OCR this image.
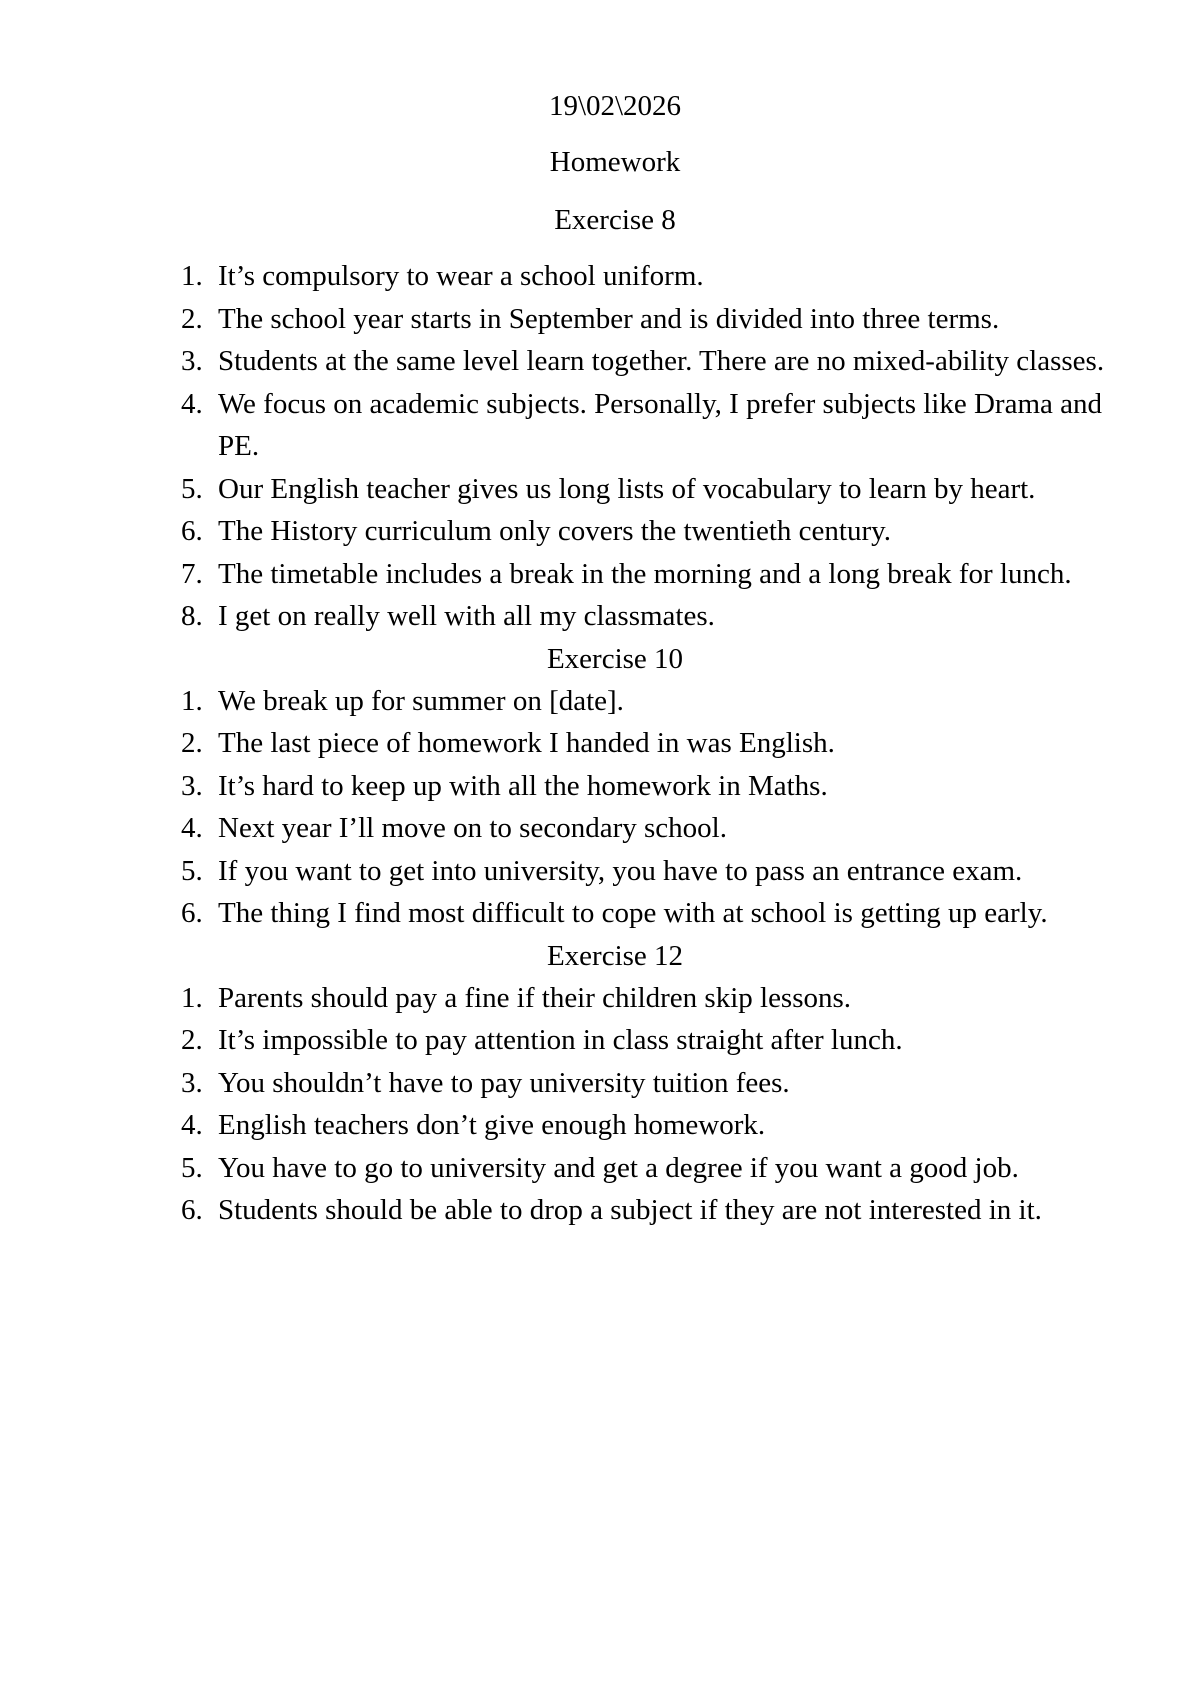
19\02\2026

Homework

Exercise 8

1. It’s compulsory to wear a school uniform.
2. The school year starts in September and is divided into three terms.
3. Students at the same level learn together. There are no mixed-ability classes.
4. We focus on academic subjects. Personally, I prefer subjects like Drama and PE.
5. Our English teacher gives us long lists of vocabulary to learn by heart.
6. The History curriculum only covers the twentieth century.
7. The timetable includes a break in the morning and a long break for lunch.
8. I get on really well with all my classmates.

Exercise 10

1. We break up for summer on [date].
2. The last piece of homework I handed in was English.
3. It’s hard to keep up with all the homework in Maths.
4. Next year I’ll move on to secondary school.
5. If you want to get into university, you have to pass an entrance exam.
6. The thing I find most difficult to cope with at school is getting up early.

Exercise 12

1. Parents should pay a fine if their children skip lessons.
2. It’s impossible to pay attention in class straight after lunch.
3. You shouldn’t have to pay university tuition fees.
4. English teachers don’t give enough homework.
5. You have to go to university and get a degree if you want a good job.
6. Students should be able to drop a subject if they are not interested in it.
